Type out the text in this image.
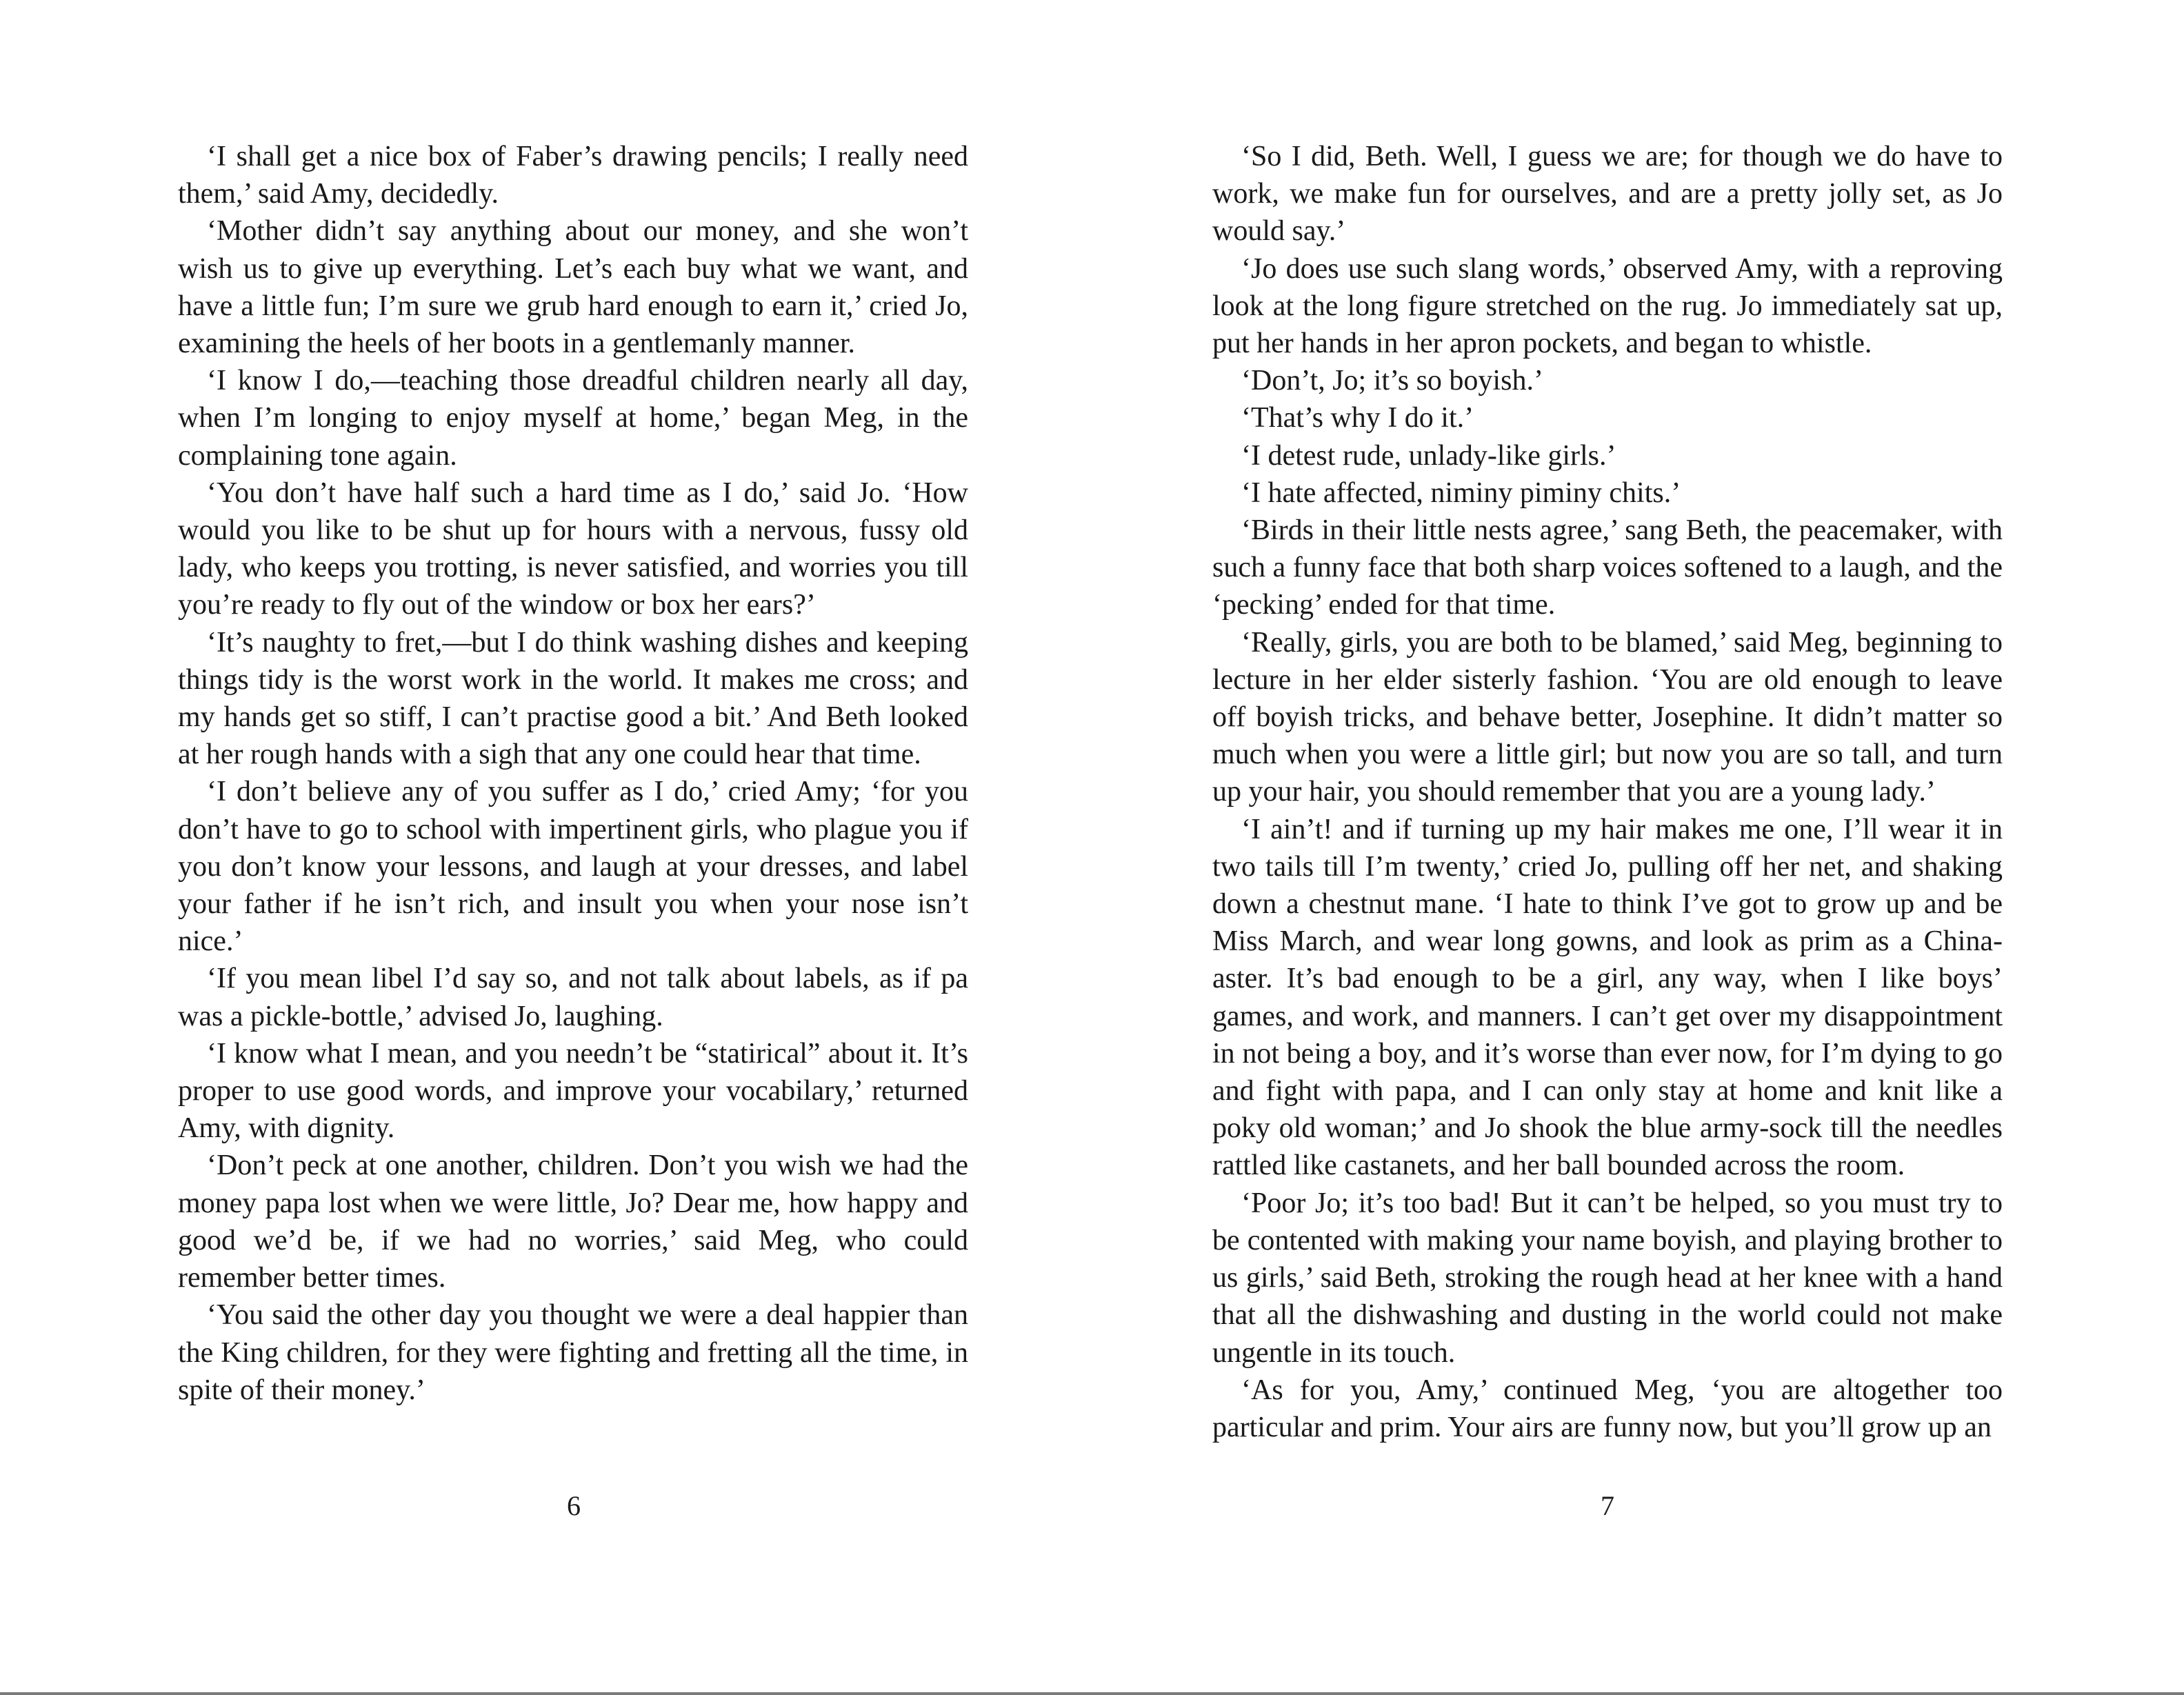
‘I shall get a nice box of Faber’s drawing pencils; I really need them,’ said Amy, decidedly.

‘Mother didn’t say anything about our money, and she won’t wish us to give up everything. Let’s each buy what we want, and have a little fun; I’m sure we grub hard enough to earn it,’ cried Jo, examining the heels of her boots in a gentlemanly manner.

‘I know I do,—teaching those dreadful children nearly all day, when I’m longing to enjoy myself at home,’ began Meg, in the complaining tone again.

‘You don’t have half such a hard time as I do,’ said Jo. ‘How would you like to be shut up for hours with a nervous, fussy old lady, who keeps you trotting, is never satisfied, and worries you till you’re ready to fly out of the window or box her ears?’

‘It’s naughty to fret,—but I do think washing dishes and keeping things tidy is the worst work in the world. It makes me cross; and my hands get so stiff, I can’t practise good a bit.’ And Beth looked at her rough hands with a sigh that any one could hear that time.

‘I don’t believe any of you suffer as I do,’ cried Amy; ‘for you don’t have to go to school with impertinent girls, who plague you if you don’t know your lessons, and laugh at your dresses, and label your father if he isn’t rich, and insult you when your nose isn’t nice.’

‘If you mean libel I’d say so, and not talk about labels, as if pa was a pickle-bottle,’ advised Jo, laughing.

‘I know what I mean, and you needn’t be “statirical” about it. It’s proper to use good words, and improve your vocabilary,’ returned Amy, with dignity.

‘Don’t peck at one another, children. Don’t you wish we had the money papa lost when we were little, Jo? Dear me, how happy and good we’d be, if we had no worries,’ said Meg, who could remember better times.

‘You said the other day you thought we were a deal happier than the King children, for they were fighting and fretting all the time, in spite of their money.’

6

‘So I did, Beth. Well, I guess we are; for though we do have to work, we make fun for ourselves, and are a pretty jolly set, as Jo would say.’

‘Jo does use such slang words,’ observed Amy, with a reproving look at the long figure stretched on the rug. Jo immediately sat up, put her hands in her apron pockets, and began to whistle.

‘Don’t, Jo; it’s so boyish.’

‘That’s why I do it.’

‘I detest rude, unlady-like girls.’

‘I hate affected, niminy piminy chits.’

‘Birds in their little nests agree,’ sang Beth, the peacemaker, with such a funny face that both sharp voices softened to a laugh, and the ‘pecking’ ended for that time.

‘Really, girls, you are both to be blamed,’ said Meg, beginning to lecture in her elder sisterly fashion. ‘You are old enough to leave off boyish tricks, and behave better, Josephine. It didn’t matter so much when you were a little girl; but now you are so tall, and turn up your hair, you should remember that you are a young lady.’

‘I ain’t! and if turning up my hair makes me one, I’ll wear it in two tails till I’m twenty,’ cried Jo, pulling off her net, and shaking down a chestnut mane. ‘I hate to think I’ve got to grow up and be Miss March, and wear long gowns, and look as prim as a China-aster. It’s bad enough to be a girl, any way, when I like boys’ games, and work, and manners. I can’t get over my disappointment in not being a boy, and it’s worse than ever now, for I’m dying to go and fight with papa, and I can only stay at home and knit like a poky old woman;’ and Jo shook the blue army-sock till the needles rattled like castanets, and her ball bounded across the room.

‘Poor Jo; it’s too bad! But it can’t be helped, so you must try to be contented with making your name boyish, and playing brother to us girls,’ said Beth, stroking the rough head at her knee with a hand that all the dishwashing and dusting in the world could not make ungentle in its touch.

‘As for you, Amy,’ continued Meg, ‘you are altogether too particular and prim. Your airs are funny now, but you’ll grow up an

7
